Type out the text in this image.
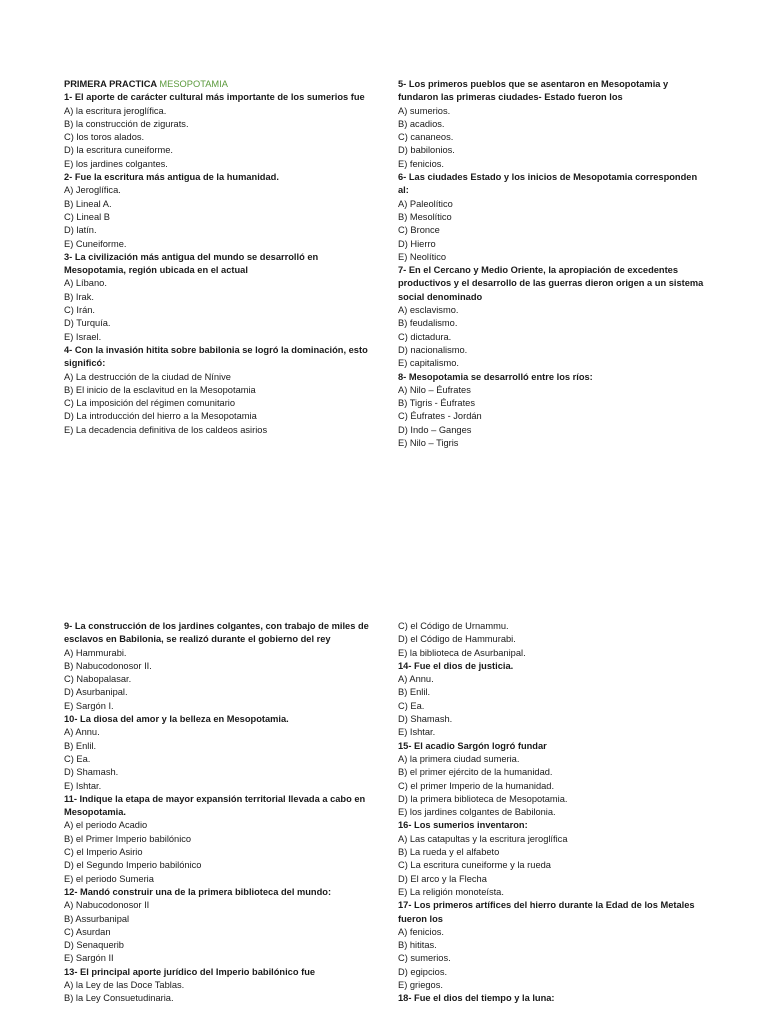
PRIMERA PRACTICA MESOPOTAMIA
1- El aporte de carácter cultural más importante de los sumerios fue
A) la escritura jeroglífica.
B) la construcción de zigurats.
C) los toros alados.
D) la escritura cuneiforme.
E) los jardines colgantes.
2- Fue la escritura más antigua de la humanidad.
A) Jeroglífica.
B) Lineal A.
C) Lineal B
D) latín.
E) Cuneiforme.
3- La civilización más antigua del mundo se desarrolló en Mesopotamia, región ubicada en el actual
A) Líbano.
B) Irak.
C) Irán.
D) Turquía.
E) Israel.
4- Con la invasión hitita sobre babilonia se logró la dominación, esto significó:
A) La destrucción de la ciudad de Nínive
B) El inicio de la esclavitud en la Mesopotamia
C) La imposición del régimen comunitario
D) La introducción del hierro a la Mesopotamia
E) La decadencia definitiva de los caldeos asirios
5- Los primeros pueblos que se asentaron en Mesopotamia y fundaron las primeras ciudades- Estado fueron los
A) sumerios.
B) acadios.
C) cananeos.
D) babilonios.
E) fenicios.
6- Las ciudades Estado y los inicios de Mesopotamia corresponden al:
A) Paleolítico
B) Mesolítico
C) Bronce
D) Hierro
E) Neolítico
7- En el Cercano y Medio Oriente, la apropiación de excedentes productivos y el desarrollo de las guerras dieron origen a un sistema social denominado
A) esclavismo.
B) feudalismo.
C) dictadura.
D) nacionalismo.
E) capitalismo.
8- Mesopotamia se desarrolló entre los ríos:
A) Nilo – Éufrates
B) Tigris - Éufrates
C) Éufrates - Jordán
D) Indo – Ganges
E) Nilo – Tigris
9- La construcción de los jardines colgantes, con trabajo de miles de esclavos en Babilonia, se realizó durante el gobierno del rey
A) Hammurabi.
B) Nabucodonosor II.
C) Nabopalasar.
D) Asurbanipal.
E) Sargón I.
10- La diosa del amor y la belleza en Mesopotamia.
A) Annu.
B) Enlil.
C) Ea.
D) Shamash.
E) Ishtar.
11- Indique la etapa de mayor expansión territorial llevada a cabo en Mesopotamia.
A) el periodo Acadio
B) el Primer Imperio babilónico
C) el Imperio Asirio
D) el Segundo Imperio babilónico
E) el periodo Sumeria
12- Mandó construir una de la primera biblioteca del mundo:
A) Nabucodonosor II
B) Assurbanipal
C) Asurdan
D) Senaquerib
E) Sargón II
13- El principal aporte jurídico del Imperio babilónico fue
A) la Ley de las Doce Tablas.
B) la Ley Consuetudinaria.
C) el Código de Urnammu.
D) el Código de Hammurabi.
E) la biblioteca de Asurbanipal.
14- Fue el dios de justicia.
A) Annu.
B) Enlil.
C) Ea.
D) Shamash.
E) Ishtar.
15- El acadio Sargón logró fundar
A) la primera ciudad sumeria.
B) el primer ejército de la humanidad.
C) el primer Imperio de la humanidad.
D) la primera biblioteca de Mesopotamia.
E) los jardines colgantes de Babilonia.
16- Los sumerios inventaron:
A) Las catapultas y la escritura jeroglífica
B) La rueda y el alfabeto
C) La escritura cuneiforme y la rueda
D) El arco y la Flecha
E) La religión monoteísta.
17- Los primeros artífices del hierro durante la Edad de los Metales fueron los
A) fenicios.
B) hititas.
C) sumerios.
D) egipcios.
E) griegos.
18- Fue el dios del tiempo y la luna:
